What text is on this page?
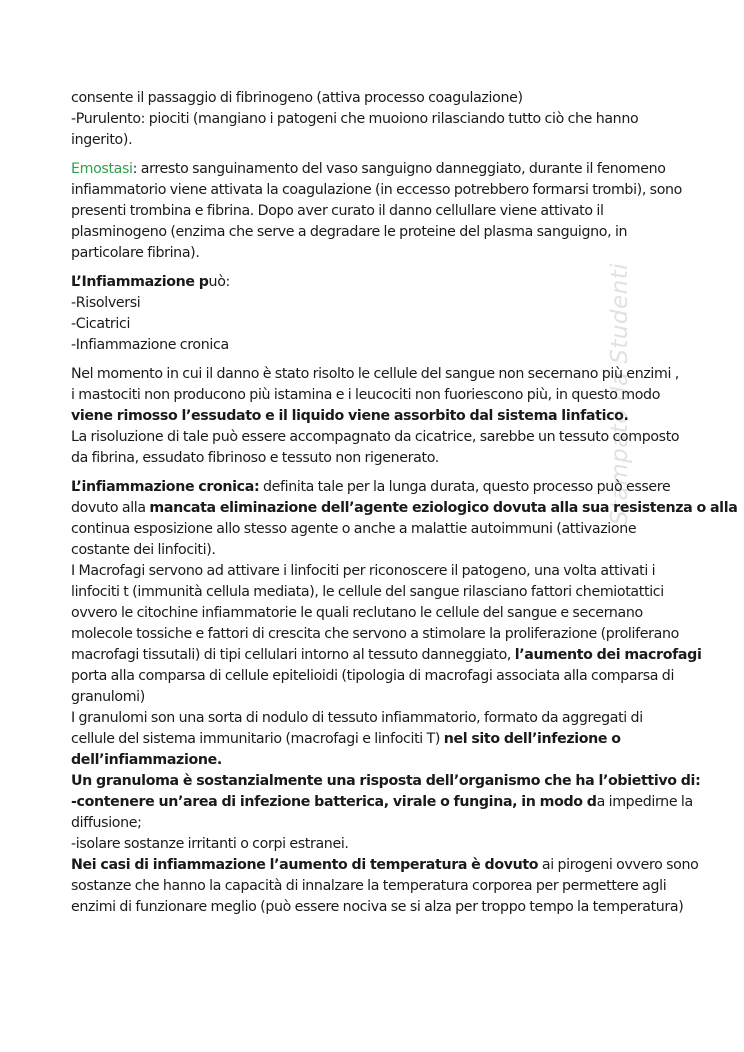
Stampato da Studenti
consente il passaggio di fibrinogeno (attiva processo coagulazione)
-Purulento: piociti (mangiano i patogeni che muoiono rilasciando tutto ciò che hanno
ingerito).
Emostasi: arresto sanguinamento del vaso sanguigno danneggiato, durante il fenomeno
infiammatorio viene attivata la coagulazione (in eccesso potrebbero formarsi trombi), sono
presenti trombina e fibrina. Dopo aver curato il danno cellullare viene attivato il
plasminogeno (enzima che serve a degradare le proteine del plasma sanguigno, in
particolare fibrina).
L’Infiammazione può:
-Risolversi
-Cicatrici
-Infiammazione cronica
Nel momento in cui il danno è stato risolto le cellule del sangue non secernano più enzimi ,
i mastociti non producono più istamina e i leucociti non fuoriescono più, in questo modo
viene rimosso l’essudato e il liquido viene assorbito dal sistema linfatico.
La risoluzione di tale può essere accompagnato da cicatrice, sarebbe un tessuto composto
da fibrina, essudato fibrinoso e tessuto non rigenerato.
L’infiammazione cronica: definita tale per la lunga durata, questo processo può essere
dovuto alla mancata eliminazione dell’agente eziologico dovuta alla sua resistenza o alla
continua esposizione allo stesso agente o anche a malattie autoimmuni (attivazione
costante dei linfociti).
I Macrofagi servono ad attivare i linfociti per riconoscere il patogeno, una volta attivati i
linfociti t (immunità cellula mediata), le cellule del sangue rilasciano fattori chemiotattici
ovvero le citochine infiammatorie le quali reclutano le cellule del sangue e secernano
molecole tossiche e fattori di crescita che servono a stimolare la proliferazione (proliferano
macrofagi tissutali) di tipi cellulari intorno al tessuto danneggiato, l’aumento dei macrofagi
porta alla comparsa di cellule epitelioidi (tipologia di macrofagi associata alla comparsa di
granulomi)
I granulomi son una sorta di nodulo di tessuto infiammatorio, formato da aggregati di
cellule del sistema immunitario (macrofagi e linfociti T) nel sito dell’infezione o
dell’infiammazione.
Un granuloma è sostanzialmente una risposta dell’organismo che ha l’obiettivo di:
-contenere un’area di infezione batterica, virale o fungina, in modo da impedirne la
diffusione;
-isolare sostanze irritanti o corpi estranei.
Nei casi di infiammazione l’aumento di temperatura è dovuto ai pirogeni ovvero sono
sostanze che hanno la capacità di innalzare la temperatura corporea per permettere agli
enzimi di funzionare meglio (può essere nociva se si alza per troppo tempo la temperatura)
